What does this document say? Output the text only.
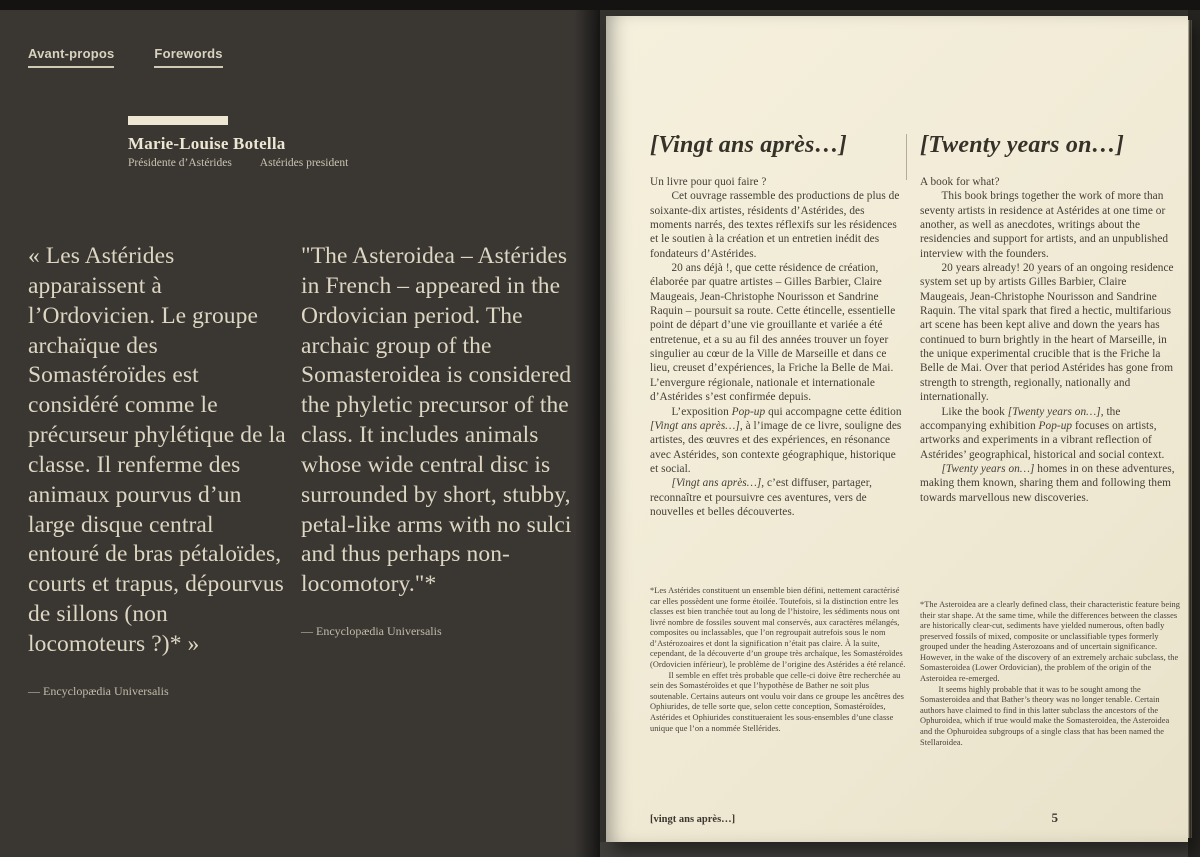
Avant-propos	Forewords
Marie-Louise Botella
Présidente d’Astérides Astérides president
« Les Astérides apparaissent à l’Ordovicien. Le groupe archaïque des Somastéroïdes est considéré comme le précurseur phylétique de la classe. Il renferme des animaux pourvus d’un large disque central entouré de bras pétaloïdes, courts et trapus, dépourvus de sillons (non locomoteurs ?)* »
— Encyclopædia Universalis
"The Asteroidea – Astérides in French – appeared in the Ordovician period. The archaic group of the Somasteroidea is considered the phyletic precursor of the class. It includes animals whose wide central disc is surrounded by short, stubby, petal-like arms with no sulci and thus perhaps non-locomotory."*
— Encyclopædia Universalis
[Vingt ans après…]

Un livre pour quoi faire ?

Cet ouvrage rassemble des productions de plus de soixante-dix artistes, résidents d’Astérides, des moments narrés, des textes réflexifs sur les résidences et le soutien à la création et un entretien inédit des fondateurs d’Astérides.

20 ans déjà !, que cette résidence de création, élaborée par quatre artistes – Gilles Barbier, Claire Maugeais, Jean-Christophe Nourisson et Sandrine Raquin – poursuit sa route. Cette étincelle, essentielle point de départ d’une vie grouillante et variée a été entretenue, et a su au fil des années trouver un foyer singulier au cœur de la Ville de Marseille et dans ce lieu, creuset d’expériences, la Friche la Belle de Mai. L’envergure régionale, nationale et internationale d’Astérides s’est confirmée depuis.

L’exposition Pop-up qui accompagne cette édition [Vingt ans après…], à l’image de ce livre, souligne des artistes, des œuvres et des expériences, en résonance avec Astérides, son contexte géographique, historique et social.

[Vingt ans après…], c’est diffuser, partager, reconnaître et poursuivre ces aventures, vers de nouvelles et belles découvertes.

[Twenty years on…]

A book for what?

This book brings together the work of more than seventy artists in residence at Astérides at one time or another, as well as anecdotes, writings about the residencies and support for artists, and an unpublished interview with the founders.

20 years already! 20 years of an ongoing residence system set up by artists Gilles Barbier, Claire Maugeais, Jean-Christophe Nourisson and Sandrine Raquin. The vital spark that fired a hectic, multifarious art scene has been kept alive and down the years has continued to burn brightly in the heart of Marseille, in the unique experimental crucible that is the Friche la Belle de Mai. Over that period Astérides has gone from strength to strength, regionally, nationally and internationally.

Like the book [Twenty years on…], the accompanying exhibition Pop-up focuses on artists, artworks and experiments in a vibrant reflection of Astérides’ geographical, historical and social context.

[Twenty years on…] homes in on these adventures, making them known, sharing them and following them towards marvellous new discoveries.

*Les Astérides constituent un ensemble bien défini, nettement caractérisé car elles possèdent une forme étoilée. Toutefois, si la distinction entre les classes est bien tranchée tout au long de l’histoire, les sédiments nous ont livré nombre de fossiles souvent mal conservés, aux caractères mélangés, composites ou inclassables, que l’on regroupait autrefois sous le nom d’Astérozoaires et dont la signification n’était pas claire. À la suite, cependant, de la découverte d’un groupe très archaïque, les Somastéroïdes (Ordovicien inférieur), le problème de l’origine des Astérides a été relancé.

Il semble en effet très probable que celle-ci doive être recherchée au sein des Somastéroïdes et que l’hypothèse de Bather ne soit plus soutenable. Certains auteurs ont voulu voir dans ce groupe les ancêtres des Ophiurides, de telle sorte que, selon cette conception, Somastéroïdes, Astérides et Ophiurides constitueraient les sous-ensembles d’une classe unique que l’on a nommée Stellérides.

*The Asteroidea are a clearly defined class, their characteristic feature being their star shape. At the same time, while the differences between the classes are historically clear-cut, sediments have yielded numerous, often badly preserved fossils of mixed, composite or unclassifiable types formerly grouped under the heading Asterozoans and of uncertain significance. However, in the wake of the discovery of an extremely archaic subclass, the Somasteroidea (Lower Ordovician), the problem of the origin of the Asteroidea re-emerged.

It seems highly probable that it was to be sought among the Somasteroidea and that Bather’s theory was no longer tenable. Certain authors have claimed to find in this latter subclass the ancestors of the Ophuroidea, which if true would make the Somasteroidea, the Asteroidea and the Ophuroidea subgroups of a single class that has been named the Stellaroidea.

[vingt ans après…]	5
